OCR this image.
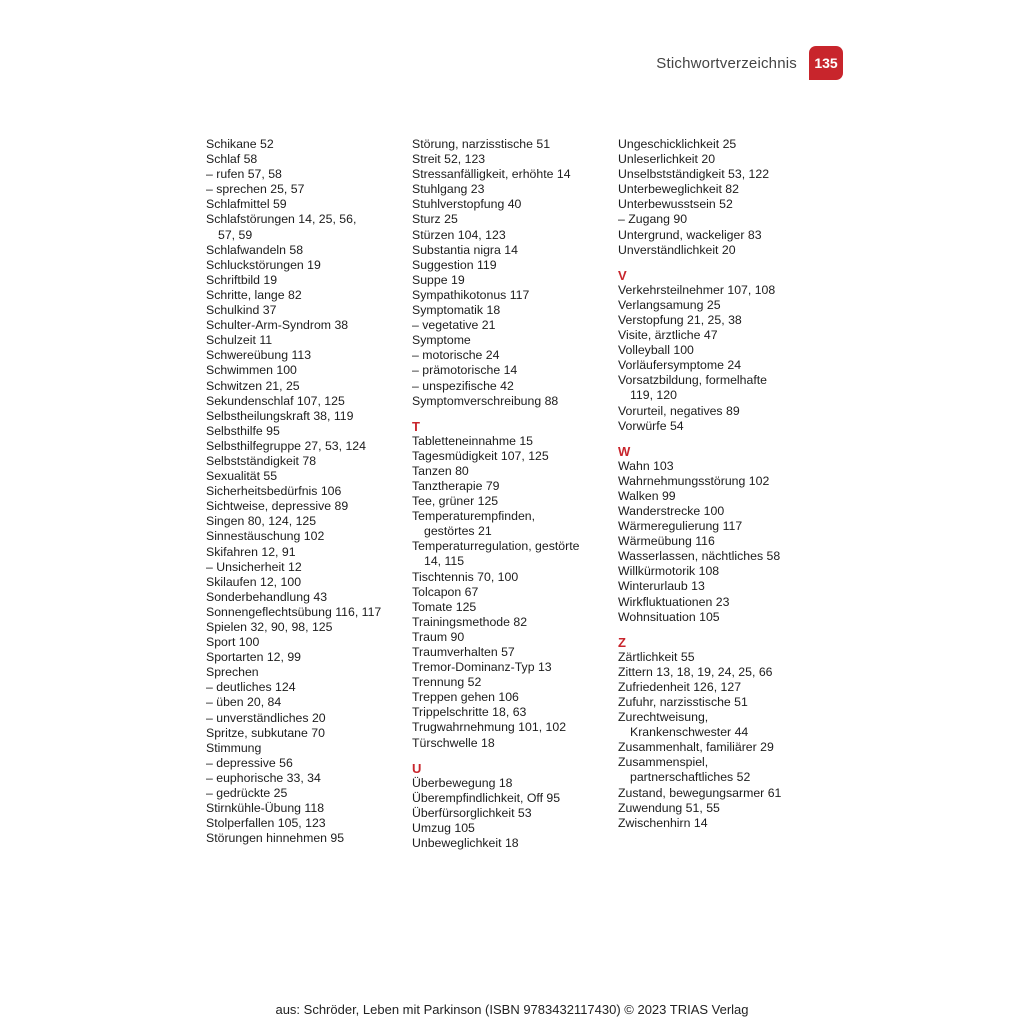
Stichwortverzeichnis	135
Schikane 52
Schlaf 58
– rufen 57, 58
– sprechen 25, 57
Schlafmittel 59
Schlafstörungen 14, 25, 56,
57, 59
Schlafwandeln 58
Schluckstörungen 19
Schriftbild 19
Schritte, lange 82
Schulkind 37
Schulter-Arm-Syndrom 38
Schulzeit 11
Schwereübung 113
Schwimmen 100
Schwitzen 21, 25
Sekundenschlaf 107, 125
Selbstheilungskraft 38, 119
Selbsthilfe 95
Selbsthilfegruppe 27, 53, 124
Selbstständigkeit 78
Sexualität 55
Sicherheitsbedürfnis 106
Sichtweise, depressive 89
Singen 80, 124, 125
Sinnestäuschung 102
Skifahren 12, 91
– Unsicherheit 12
Skilaufen 12, 100
Sonderbehandlung 43
Sonnengeflechtsübung 116, 117
Spielen 32, 90, 98, 125
Sport 100
Sportarten 12, 99
Sprechen
– deutliches 124
– üben 20, 84
– unverständliches 20
Spritze, subkutane 70
Stimmung
– depressive 56
– euphorische 33, 34
– gedrückte 25
Stirnkühle-Übung 118
Stolperfallen 105, 123
Störungen hinnehmen 95
Störung, narzisstische 51
Streit 52, 123
Stressanfälligkeit, erhöhte 14
Stuhlgang 23
Stuhlverstopfung 40
Sturz 25
Stürzen 104, 123
Substantia nigra 14
Suggestion 119
Suppe 19
Sympathikotonus 117
Symptomatik 18
– vegetative 21
Symptome
– motorische 24
– prämotorische 14
– unspezifische 42
Symptomverschreibung 88
T
Tabletteneinnahme 15
Tagesmüdigkeit 107, 125
Tanzen 80
Tanztherapie 79
Tee, grüner 125
Temperaturempfinden,
gestörtes 21
Temperaturregulation, gestörte
14, 115
Tischtennis 70, 100
Tolcapon 67
Tomate 125
Trainingsmethode 82
Traum 90
Traumverhalten 57
Tremor-Dominanz-Typ 13
Trennung 52
Treppen gehen 106
Trippelschritte 18, 63
Trugwahrnehmung 101, 102
Türschwelle 18
U
Überbewegung 18
Überempfindlichkeit, Off 95
Überfürsorglichkeit 53
Umzug 105
Unbeweglichkeit 18
Ungeschicklichkeit 25
Unleserlichkeit 20
Unselbstständigkeit 53, 122
Unterbeweglichkeit 82
Unterbewusstsein 52
– Zugang 90
Untergrund, wackeliger 83
Unverständlichkeit 20
V
Verkehrsteilnehmer 107, 108
Verlangsamung 25
Verstopfung 21, 25, 38
Visite, ärztliche 47
Volleyball 100
Vorläufersymptome 24
Vorsatzbildung, formelhafte
119, 120
Vorurteil, negatives 89
Vorwürfe 54
W
Wahn 103
Wahrnehmungsstörung 102
Walken 99
Wanderstrecke 100
Wärmeregulierung 117
Wärmeübung 116
Wasserlassen, nächtliches 58
Willkürmotorik 108
Winterurlaub 13
Wirkfluktuationen 23
Wohnsituation 105
Z
Zärtlichkeit 55
Zittern 13, 18, 19, 24, 25, 66
Zufriedenheit 126, 127
Zufuhr, narzisstische 51
Zurechtweisung,
Krankenschwester 44
Zusammenhalt, familiärer 29
Zusammenspiel,
partnerschaftliches 52
Zustand, bewegungsarmer 61
Zuwendung 51, 55
Zwischenhirn 14
aus: Schröder, Leben mit Parkinson (ISBN 9783432117430) © 2023 TRIAS Verlag
